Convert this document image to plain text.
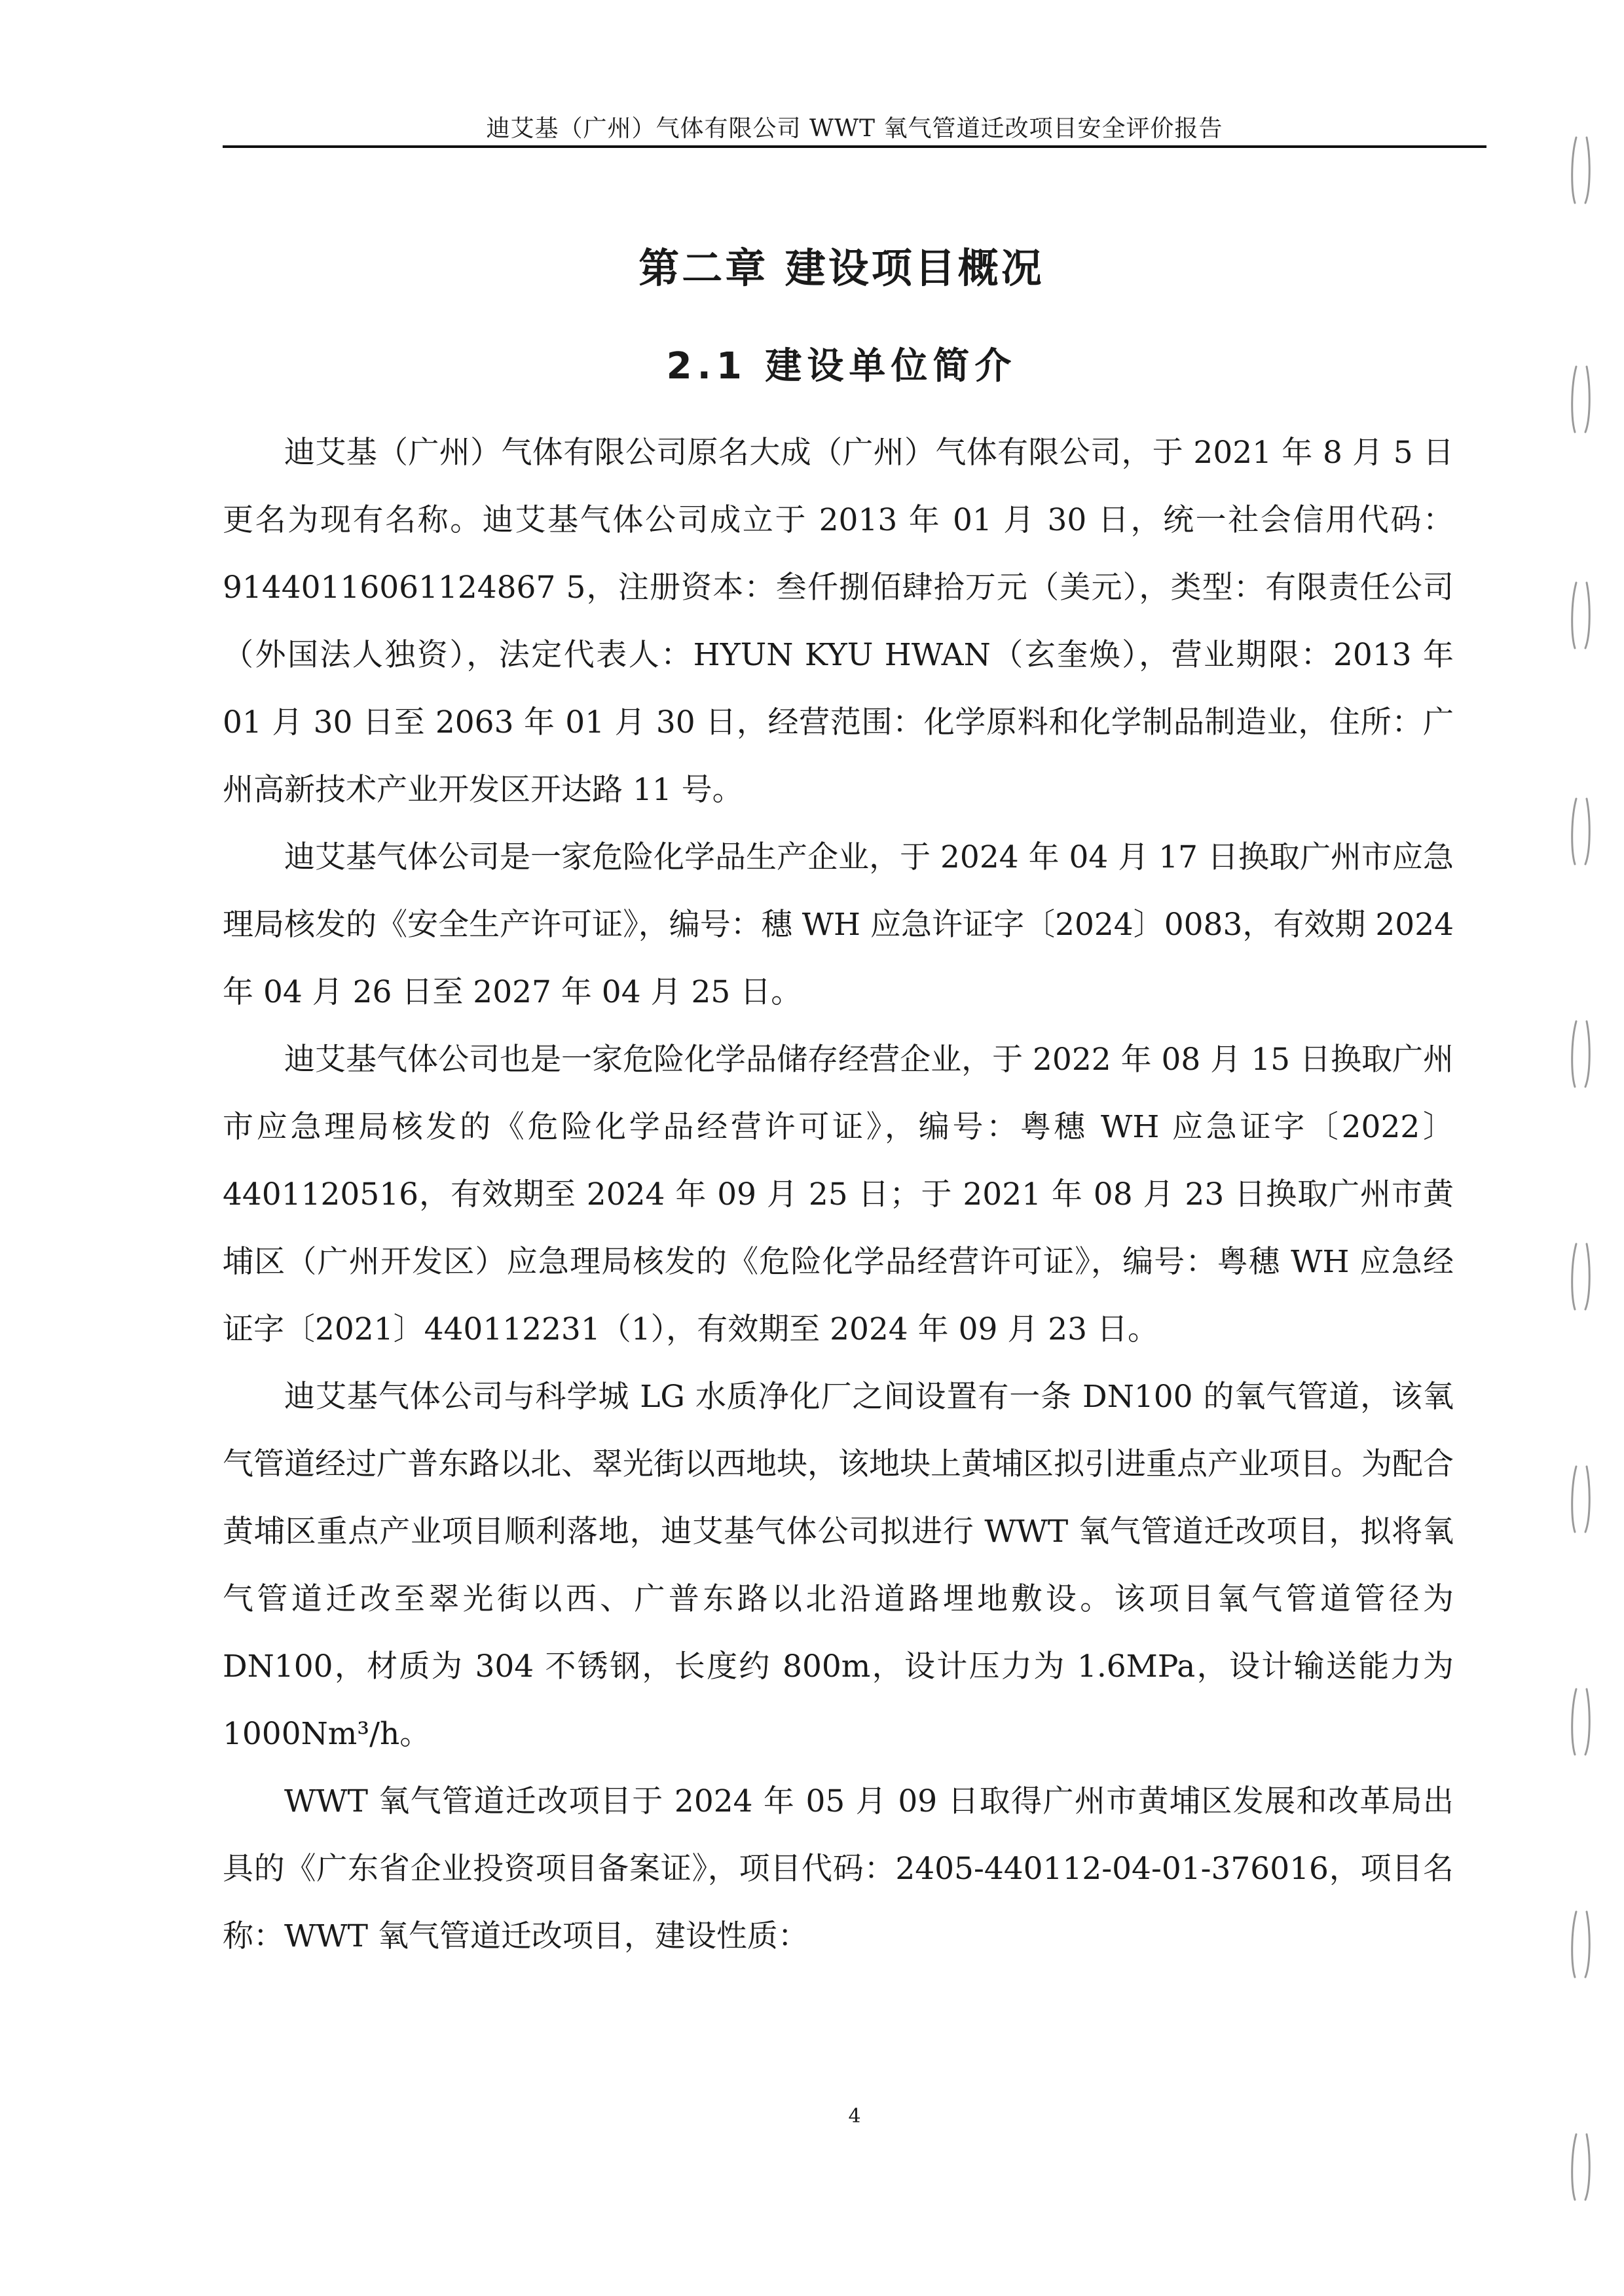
迪艾基（广州）气体有限公司 WWT 氧气管道迁改项目安全评价报告
第二章 建设项目概况
2.1 建设单位简介

迪艾基（广州）气体有限公司原名大成（广州）气体有限公司，于 2021 年 8 月 5 日更名为现有名称。迪艾基气体公司成立于 2013 年 01 月 30 日，统一社会信用代码：91440116061124867 5，注册资本：叁仟捌佰肆拾万元（美元），类型：有限责任公司（外国法人独资），法定代表人：HYUN KYU HWAN（玄奎焕），营业期限：2013 年 01 月 30 日至 2063 年 01 月 30 日，经营范围：化学原料和化学制品制造业，住所：广州高新技术产业开发区开达路 11 号。

迪艾基气体公司是一家危险化学品生产企业，于 2024 年 04 月 17 日换取广州市应急理局核发的《安全生产许可证》，编号：穗 WH 应急许证字〔2024〕0083，有效期 2024 年 04 月 26 日至 2027 年 04 月 25 日。

迪艾基气体公司也是一家危险化学品储存经营企业，于 2022 年 08 月 15 日换取广州市应急理局核发的《危险化学品经营许可证》，编号：粤穗 WH 应急证字〔2022〕4401120516，有效期至 2024 年 09 月 25 日；于 2021 年 08 月 23 日换取广州市黄埔区（广州开发区）应急理局核发的《危险化学品经营许可证》，编号：粤穗 WH 应急经证字〔2021〕440112231（1），有效期至 2024 年 09 月 23 日。

迪艾基气体公司与科学城 LG 水质净化厂之间设置有一条 DN100 的氧气管道，该氧气管道经过广普东路以北、翠光街以西地块，该地块上黄埔区拟引进重点产业项目。为配合黄埔区重点产业项目顺利落地，迪艾基气体公司拟进行 WWT 氧气管道迁改项目，拟将氧气管道迁改至翠光街以西、广普东路以北沿道路埋地敷设。该项目氧气管道管径为 DN100，材质为 304 不锈钢，长度约 800m，设计压力为 1.6MPa，设计输送能力为 1000Nm³/h。

WWT 氧气管道迁改项目于 2024 年 05 月 09 日取得广州市黄埔区发展和改革局出具的《广东省企业投资项目备案证》，项目代码：2405-440112-04-01-376016，项目名称：WWT 氧气管道迁改项目，建设性质：

4
